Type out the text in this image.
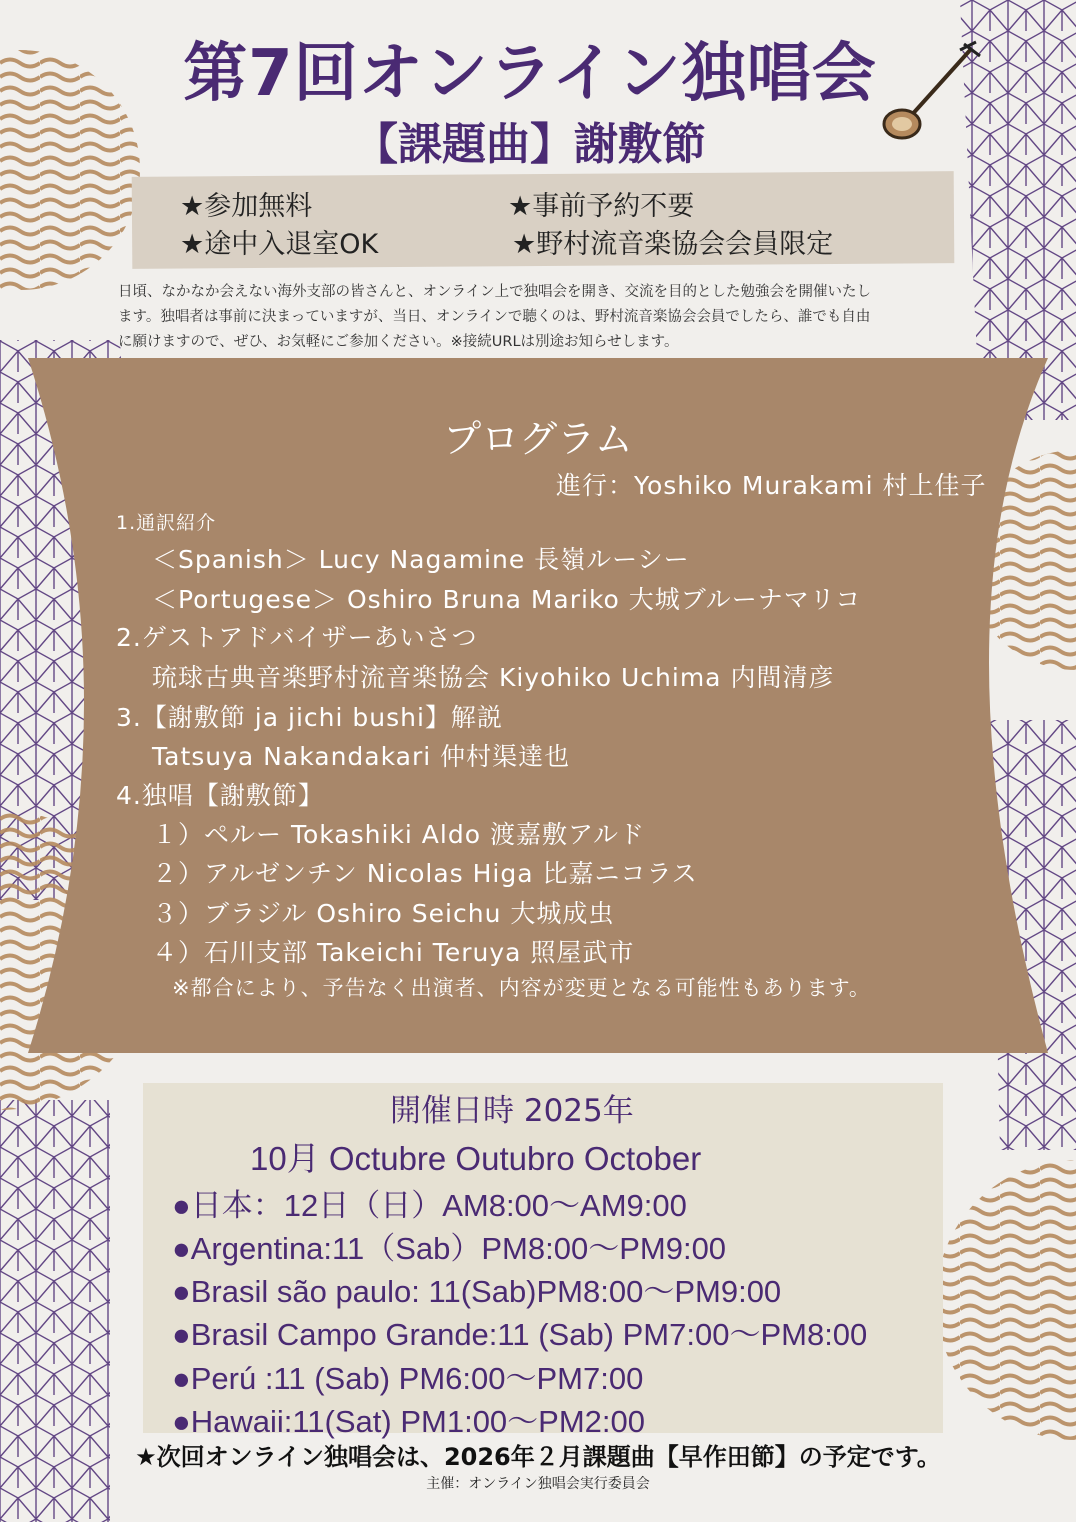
第7回オンライン独唱会
【課題曲】謝敷節
★参加無料	★事前予約不要
★途中入退室OK	★野村流音楽協会会員限定
日頃、なかなか会えない海外支部の皆さんと、オンライン上で独唱会を開き、交流を目的とした勉強会を開催いたし
ます。独唱者は事前に決まっていますが、当日、オンラインで聴くのは、野村流音楽協会会員でしたら、誰でも自由
に願けますので、ぜひ、お気軽にご参加ください。※接続URLは別途お知らせします。
プログラム
進行：Yoshiko Murakami 村上佳子
1.通訳紹介
＜Spanish＞ Lucy Nagamine 長嶺ルーシー
＜Portugese＞ Oshiro Bruna Mariko 大城ブルーナマリコ
2.ゲストアドバイザーあいさつ
琉球古典音楽野村流音楽協会 Kiyohiko Uchima 内間清彦
3.【謝敷節 ja jichi bushi】解説
Tatsuya Nakandakari 仲村渠達也
4.独唱【謝敷節】
１）ペルー Tokashiki Aldo 渡嘉敷アルド
２）アルゼンチン Nicolas Higa 比嘉ニコラス
３）ブラジル Oshiro Seichu 大城成虫
４）石川支部 Takeichi Teruya 照屋武市
※都合により、予告なく出演者、内容が変更となる可能性もあります。
開催日時 2025年
10月 Octubre Outubro October
●日本：12日（日）AM8:00～AM9:00
●Argentina:11（Sab）PM8:00～PM9:00
●Brasil são paulo: 11(Sab)PM8:00～PM9:00
●Brasil Campo Grande:11 (Sab) PM7:00～PM8:00
●Perú :11 (Sab) PM6:00～PM7:00
●Hawaii:11(Sat) PM1:00～PM2:00
★次回オンライン独唱会は、2026年２月課題曲【早作田節】の予定です。
主催：オンライン独唱会実行委員会
